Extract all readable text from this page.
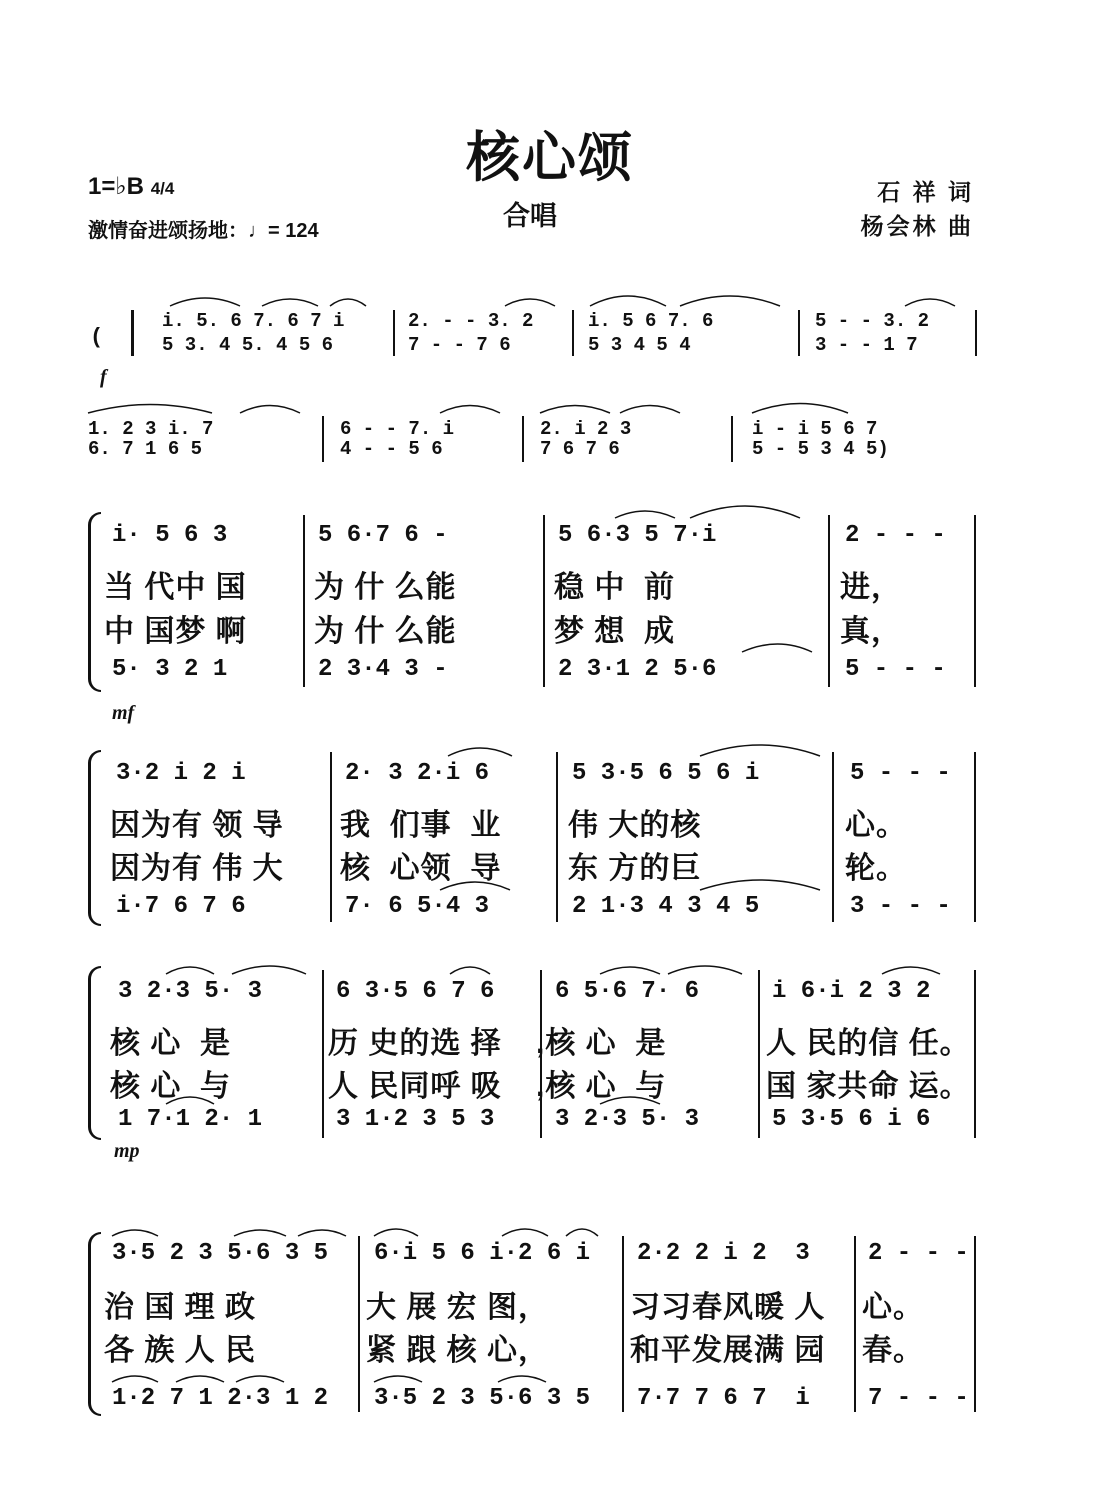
核心颂
合唱
1=♭B 4/4
激情奋进颂扬地：♩= 124
石 祥 词
杨会林 曲
(
i. 5. 6 7. 6 7 i
5 3. 4 5. 4 5 6
2. - - 3. 2
7 - - 7 6
i. 5 6 7. 6
5 3 4 5 4
5 - - 3. 2
3 - - 1 7
f
1. 2 3 i. 7
6. 7 1 6 5
6 - - 7. i
4 - - 5 6
2. i 2 3
7 6 7 6
i - i 5 6 7
5 - 5 3 4 5)
i· 5 6 3
当 代中 国
中 国梦 啊
5· 3 2 1
5 6·7 6 -
为 什 么能
为 什 么能
2 3·4 3 -
5 6·3 5 7·i
稳 中  前
梦 想  成
2 3·1 2 5·6
2 - - -
进，
真，
5 - - -
mf
3·2 i 2 i
因为有 领 导
因为有 伟 大
i·7 6 7 6
2· 3 2·i 6
我  们事  业
核  心领  导
7· 6 5·4 3
5 3·5 6 5 6 i
伟 大的核
东 方的巨
2 1·3 4 3 4 5
5 - - -
心。
轮。
3 - - -
3 2·3 5· 3
核 心  是
核 心  与
1 7·1 2· 1
6 3·5 6 7 6
历 史的选 择
人 民同呼 吸
3 1·2 3 5 3
6 5·6 7· 6
,核 心  是
,核 心  与
3 2·3 5· 3
i 6·i 2 3 2
人 民的信 任。
国 家共命 运。
5 3·5 6 i 6
mp
3·5 2 3 5·6 3 5
治 国 理 政
各 族 人 民
1·2 7 1 2·3 1 2
6·i 5 6 i·2 6 i
大 展 宏 图，
紧 跟 核 心，
3·5 2 3 5·6 3 5
2·2 2 i 2  3
习习春风暖 人
和平发展满 园
7·7 7 6 7  i
2 - - -
心。
春。
7 - - -
